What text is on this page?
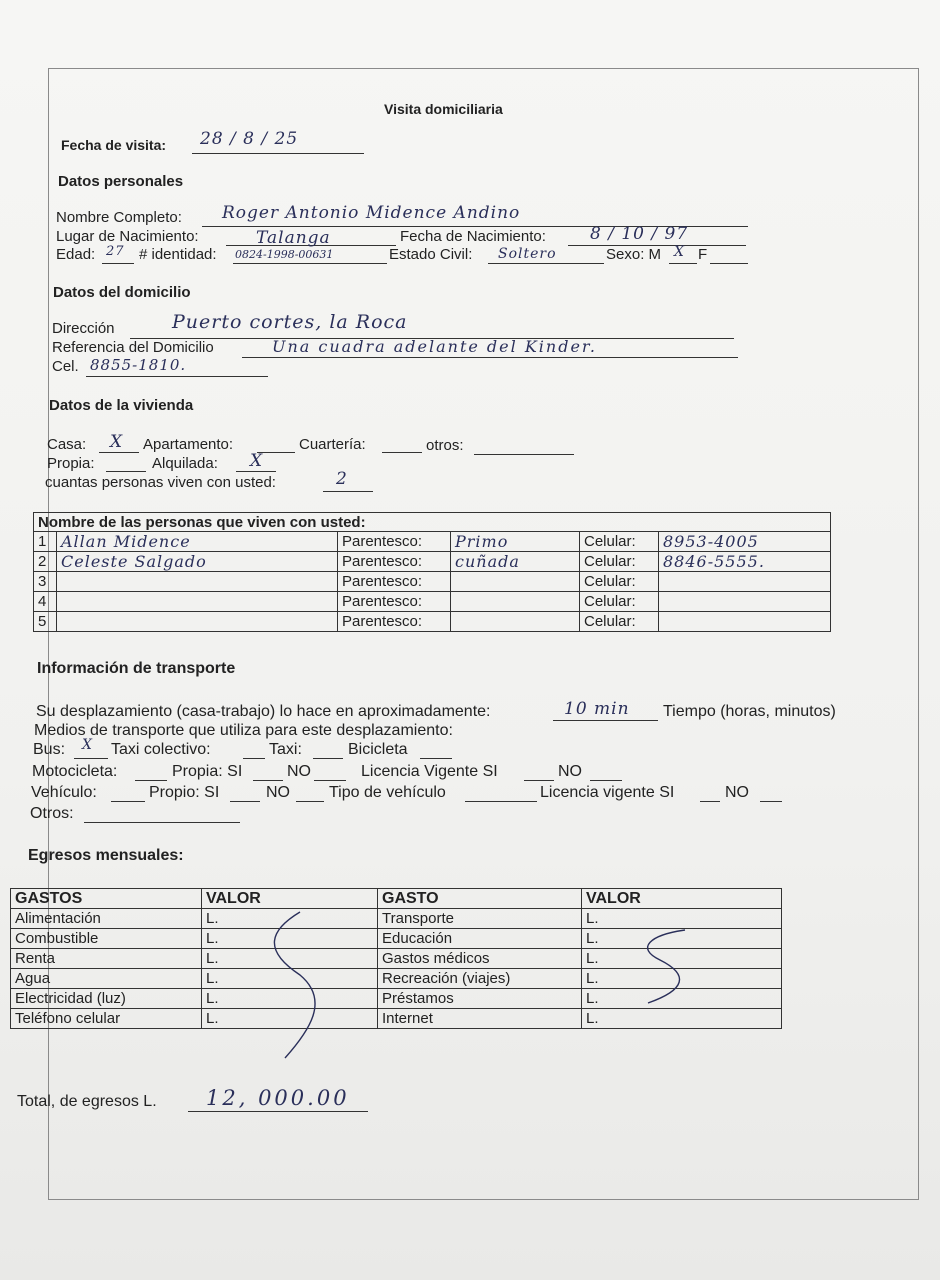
Visita domiciliaria
Fecha de visita: 28 / 8 / 25
Datos personales
Nombre Completo: Roger Antonio Midence Andino
Lugar de Nacimiento:	Talanga	Fecha de Nacimiento:	8 / 10 / 97
Edad: 27 # identidad: 0824-1998-00631	Estado Civil: Soltero	Sexo: M X F
Datos del domicilio
Dirección	Puerto cortes, la Roca
Referencia del Domicilio	Una cuadra adelante del Kinder.
Cel. 8855-1810.
Datos de la vivienda
Casa: X Apartamento:	Cuartería:	otros:
Propia:	Alquilada: X
cuantas personas viven con usted:	2
Nombre de las personas que viven con usted:					
1	Allan Midence	Parentesco:	Primo	Celular:	8953-4005
2	Celeste Salgado	Parentesco:	cuñada	Celular:	8846-5555.
3		Parentesco:		Celular:	
4		Parentesco:		Celular:	
5		Parentesco:		Celular:	
Información de transporte
Su desplazamiento (casa-trabajo) lo hace en aproximadamente:	10 min Tiempo (horas, minutos)
Medios de transporte que utiliza para este desplazamiento:
Bus: X Taxi colectivo:	Taxi:	Bicicleta
Motocicleta:	Propia: SI	NO	Licencia Vigente SI	NO
Vehículo:	Propio: SI	NO Tipo de vehículo	Licencia vigente SI	NO
Otros:
Egresos mensuales:
GASTOS	VALOR	GASTO	VALOR
Alimentación	L.	Transporte	L.
Combustible	L.	Educación	L.
Renta	L.	Gastos médicos	L.
Agua	L.	Recreación (viajes)	L.
Electricidad (luz)	L.	Préstamos	L.
Teléfono celular	L.	Internet	L.
Total, de egresos L. 12, 000.00
